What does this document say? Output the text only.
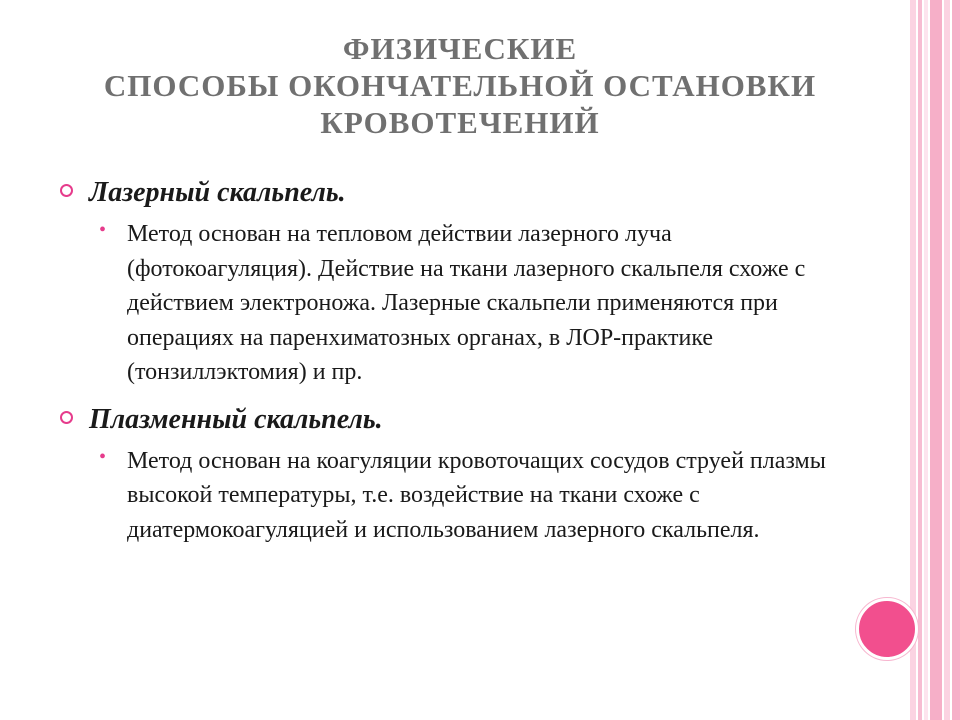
ФИЗИЧЕСКИЕ
СПОСОБЫ ОКОНЧАТЕЛЬНОЙ ОСТАНОВКИ
КРОВОТЕЧЕНИЙ
Лазерный скальпель.
• Метод основан на тепловом действии лазерного луча (фотокоагуляция). Действие на ткани лазерного скальпеля схоже с действием электроножа. Лазерные скальпели применяются при операциях на паренхиматозных органах, в ЛОР-практике (тонзиллэктомия) и пр.
Плазменный скальпель.
• Метод основан на коагуляции кровоточащих сосудов струей плазмы высокой температуры, т.е. воздействие на ткани схоже с диатермокоагуляцией и использованием лазерного скальпеля.
